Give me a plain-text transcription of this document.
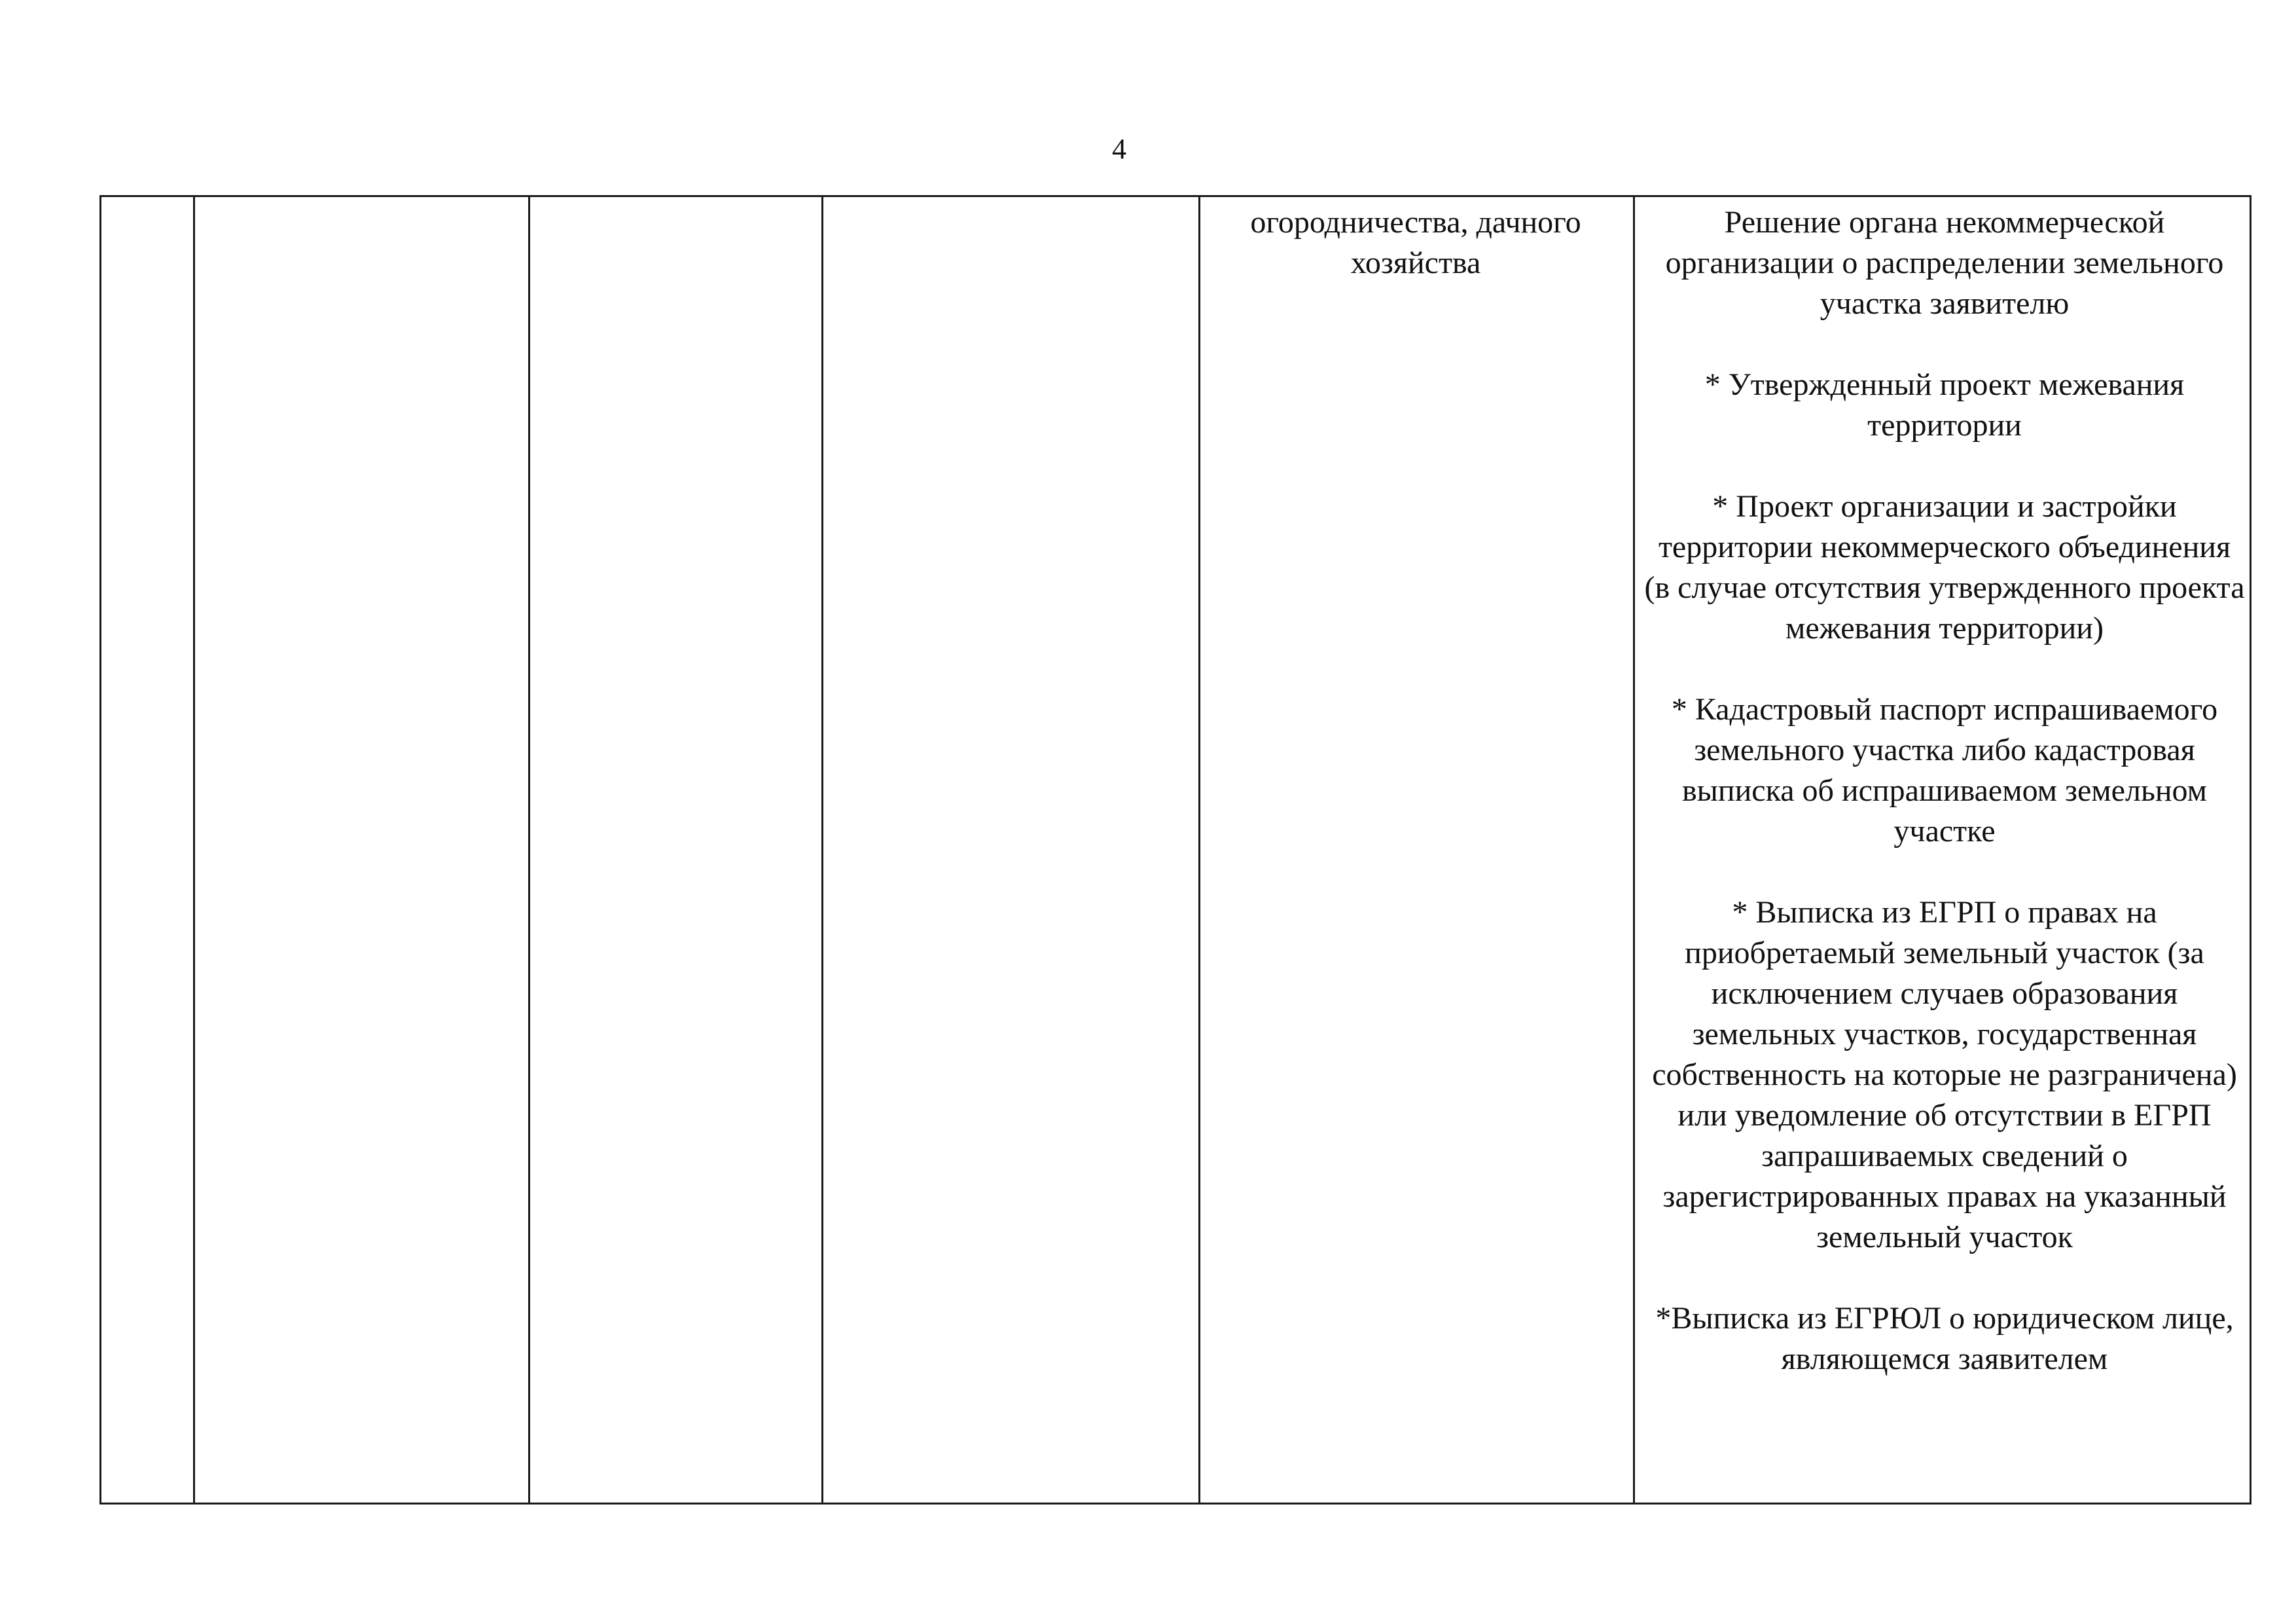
4
огородничества, дачного хозяйства

Решение органа некоммерческой организации о распределении земельного участка заявителю

* Утвержденный проект межевания территории

* Проект организации и застройки территории некоммерческого объединения (в случае отсутствия утвержденного проекта межевания территории)

* Кадастровый паспорт испрашиваемого земельного участка либо кадастровая выписка об испрашиваемом земельном участке

* Выписка из ЕГРП о правах на приобретаемый земельный участок (за исключением случаев образования земельных участков, государственная собственность на которые не разграничена) или уведомление об отсутствии в ЕГРП запрашиваемых сведений о зарегистрированных правах на указанный земельный участок

*Выписка из ЕГРЮЛ о юридическом лице, являющемся заявителем
